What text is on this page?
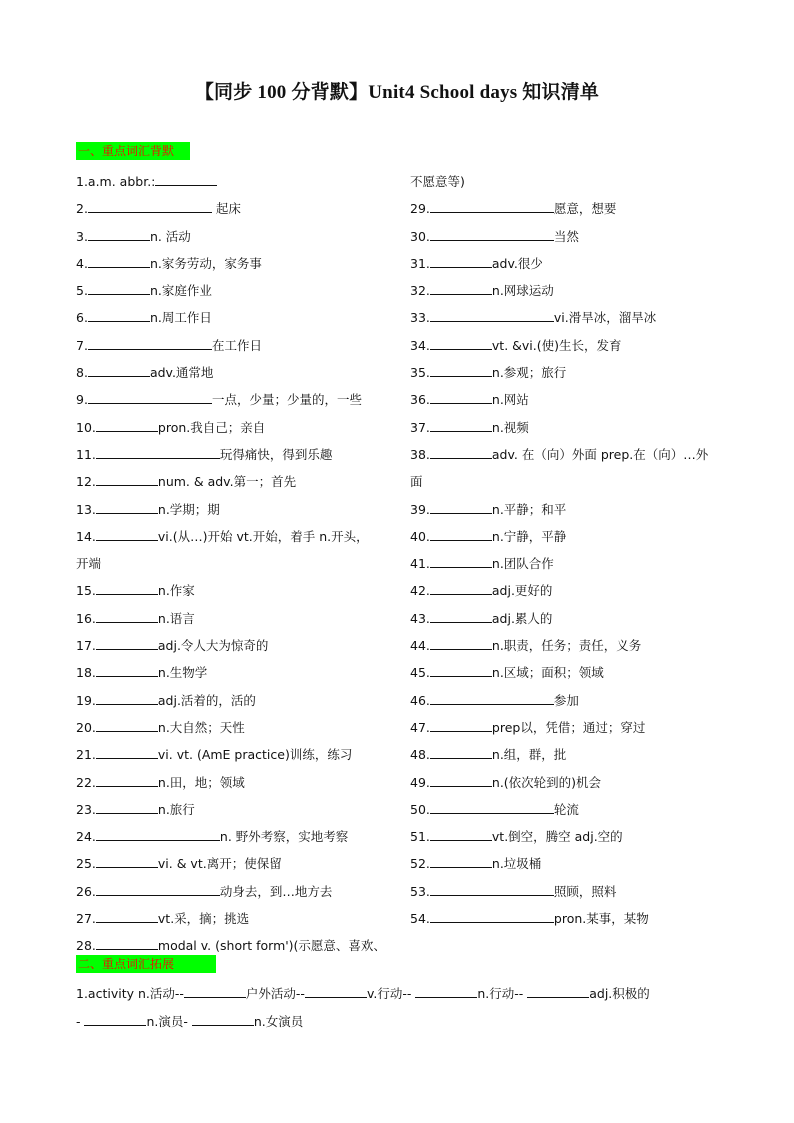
【同步 100 分背默】Unit4 School days 知识清单
一、重点词汇背默
1.a.m. abbr.:
2.	起床
3.	n. 活动
4.	n.家务劳动，家务事
5.	n.家庭作业
6.	n.周工作日
7.	在工作日
8.	adv.通常地
9.	一点，少量；少量的，一些
10.	pron.我自己；亲自
11.	玩得痛快，得到乐趣
12.	num. & adv.第一；首先
13.	n.学期；期
14.	vi.(从…)开始 vt.开始，着手 n.开头，
开端
15.	n.作家
16.	n.语言
17.	adj.令人大为惊奇的
18.	n.生物学
19.	adj.活着的，活的
20.	n.大自然；天性
21.	vi. vt. (AmE practice)训练，练习
22.	n.田，地；领域
23.	n.旅行
24.	n. 野外考察，实地考察
25.	vi. & vt.离开；使保留
26.	动身去，到…地方去
27.	vt.采，摘；挑选
28.	modal v. (short form')(示愿意、喜欢、
不愿意等)
29.	愿意，想要
30.	当然
31.	adv.很少
32.	n.网球运动
33.	vi.滑旱冰，溜旱冰
34.	vt. &vi.(使)生长，发育
35.	n.参观；旅行
36.	n.网站
37.	n.视频
38.	adv. 在（向）外面 prep.在（向）…外
面
39.	n.平静；和平
40.	n.宁静，平静
41.	n.团队合作
42.	adj.更好的
43.	adj.累人的
44.	n.职责，任务；责任，义务
45.	n.区域；面积；领域
46.	参加
47.	prep以，凭借；通过；穿过
48.	n.组，群，批
49.	n.(依次轮到的)机会
50.	轮流
51.	vt.倒空，腾空 adj.空的
52.	n.垃圾桶
53.	照顾，照料
54.	pron.某事，某物
二、重点词汇拓展
1.activity n.活动--	户外活动--	v.行动--	n.行动--	adj.积极的
-	n.演员-	n.女演员
